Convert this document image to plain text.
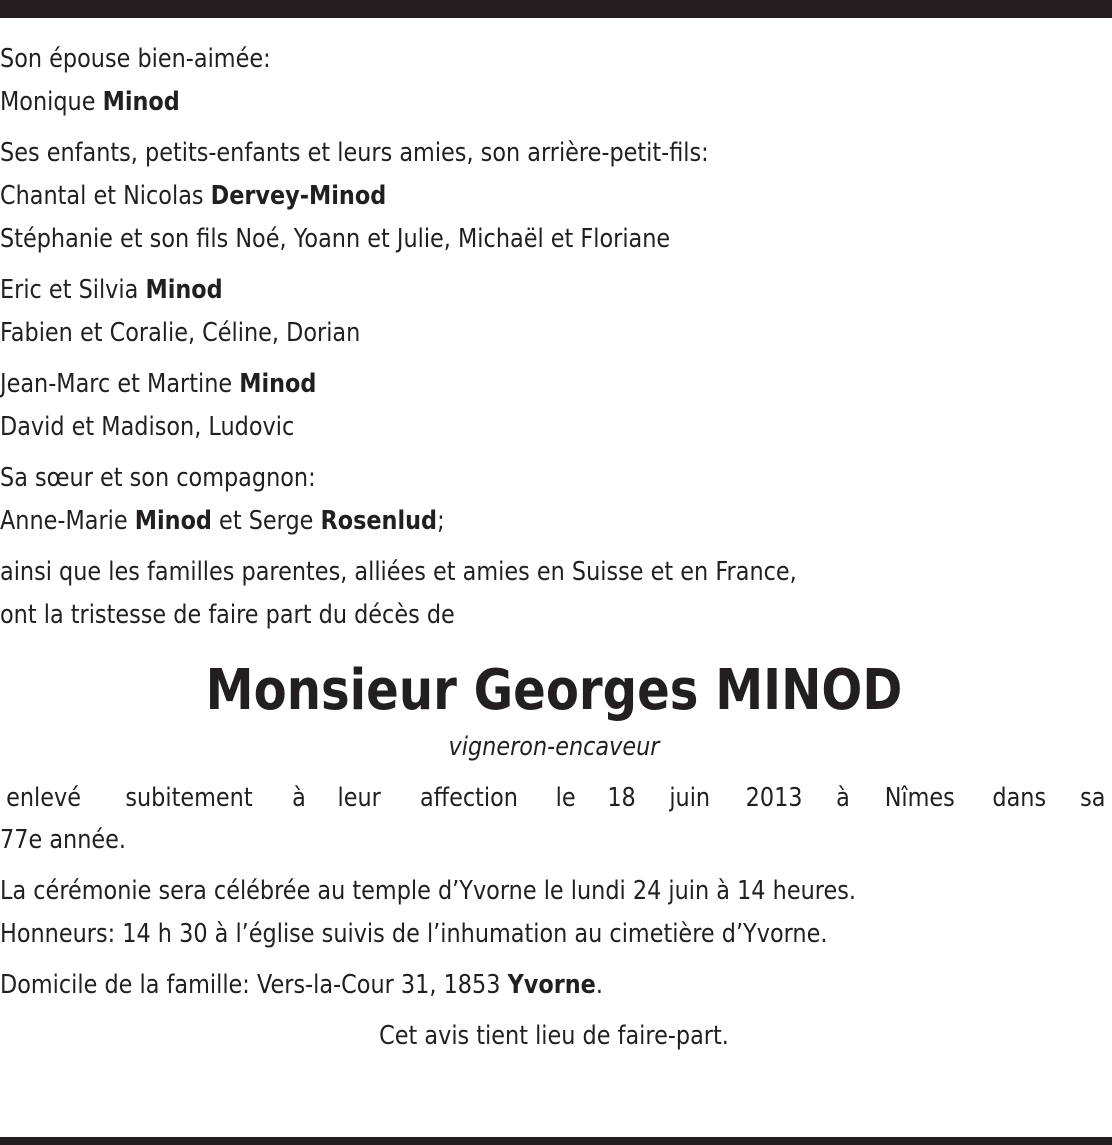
Son épouse bien-aimée:
Monique Minod
Ses enfants, petits-enfants et leurs amies, son arrière-petit-fils:
Chantal et Nicolas Dervey-Minod
Stéphanie et son fils Noé, Yoann et Julie, Michaël et Floriane
Eric et Silvia Minod
Fabien et Coralie, Céline, Dorian
Jean-Marc et Martine Minod
David et Madison, Ludovic
Sa sœur et son compagnon:
Anne-Marie Minod et Serge Rosenlud;
ainsi que les familles parentes, alliées et amies en Suisse et en France,
ont la tristesse de faire part du décès de
Monsieur Georges MINOD
vigneron-encaveur
enlevé subitement à leur affection le 18 juin 2013 à Nîmes dans sa
77e année.
La cérémonie sera célébrée au temple d’Yvorne le lundi 24 juin à 14 heures.
Honneurs: 14 h 30 à l’église suivis de l’inhumation au cimetière d’Yvorne.
Domicile de la famille: Vers-la-Cour 31, 1853 Yvorne.
Cet avis tient lieu de faire-part.
